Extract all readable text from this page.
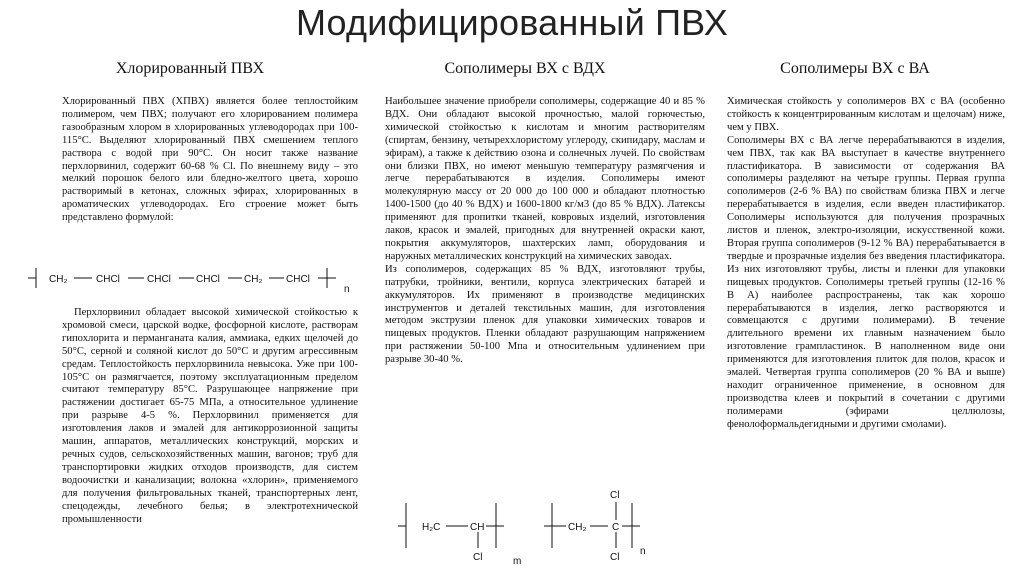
Модифицированный ПВХ
Хлорированный ПВХ

Хлорированный ПВХ (ХПВХ) является более теплостойким полимером, чем ПВХ; получают его хлорированием полимера газообразным хлором в хлорированных углеводородах при 100-115°С. Выделяют хлорированный ПВХ смешением теплого раствора с водой при 90°С. Он носит также название перхлорвинил, содержит 60-68 % Cl. По внешнему виду – это мелкий порошок белого или бледно-желтого цвета, хорошо растворимый в кетонах, сложных эфирах, хлорированных в ароматических углеводородах. Его строение может быть представлено формулой:

CH₂	CHCl	CHCl	CHCl CH₂ CHCl
n

Перхлорвинил обладает высокой химической стойкостью к хромовой смеси, царской водке, фосфорной кислоте, растворам гипохлорита и перманганата калия, аммиака, едких щелочей до 50°С, серной и соляной кислот до 50°С и другим агрессивным средам. Теплостойкость перхлорвинила невысока. Уже при 100-105°С он размягчается, поэтому эксплуатационным пределом считают температуру 85°С. Разрушающее напряжение при растяжении достигает 65-75 МПа, а относительное удлинение при разрыве 4-5 %. Перхлорвинил применяется для изготовления лаков и эмалей для антикоррозионной защиты машин, аппаратов, металлических конструкций, морских и речных судов, сельскохозяйственных машин, вагонов; труб для транспортировки жидких отходов производств, для систем водоочистки и канализации; волокна «хлорин», применяемого для получения фильтровальных тканей, транспортерных лент, спецодежды, лечебного белья; в электротехнической промышленности

Сополимеры ВХ с ВДХ

Наибольшее значение приобрели сополимеры, содержащие 40 и 85 % ВДХ. Они обладают высокой прочностью, малой горючестью, химической стойкостью к кислотам и многим растворителям (спиртам, бензину, четыреххлористому углероду, скипидару, маслам и эфирам), а также к действию озона и солнечных лучей. По свойствам они близки ПВХ, но имеют меньшую температуру размягчения и легче перерабатываются в изделия. Сополимеры имеют молекулярную массу от 20 000 до 100 000 и обладают плотностью 1400-1500 (до 40 % ВДХ) и 1600-1800 кг/м3 (до 85 % ВДХ). Латексы применяют для пропитки тканей, ковровых изделий, изготовления лаков, красок и эмалей, пригодных для внутренней окраски кают, покрытия аккумуляторов, шахтерских ламп, оборудования и наружных металлических конструкций на химических заводах.

Из сополимеров, содержащих 85 % ВДХ, изготовляют трубы, патрубки, тройники, вентили, корпуса электрических батарей и аккумуляторов. Их применяют в производстве медицинских инструментов и деталей текстильных машин, для изготовления методом экструзии пленок для упаковки химических товаров и пищевых продуктов. Пленки обладают разрушающим напряжением при растяжении 50-100 Мпа и относительным удлинением при разрыве 30-40 %.

H₂C	CH
Cl	m
CH₂	C
Cl
Cl
n
Сополимеры ВХ с ВА

Химическая стойкость у сополимеров ВХ с ВА (особенно стойкость к концентрированным кислотам и щелочам) ниже, чем у ПВХ.

Сополимеры ВХ с ВА легче перерабатываются в изделия, чем ПВХ, так как ВА выступает в качестве внутреннего пластификатора. В зависимости от содержания ВА сополимеры разделяют на четыре группы. Первая группа сополимеров (2-6 % ВА) по свойствам близка ПВХ и легче перерабатывается в изделия, если введен пластификатор. Сополимеры используются для получения прозрачных листов и пленок, электро-изоляции, искусственной кожи. Вторая группа сополимеров (9-12 % ВА) перерабатывается в твердые и прозрачные изделия без введения пластификатора. Из них изготовляют трубы, листы и пленки для упаковки пищевых продуктов. Сополимеры третьей группы (12-16 % В А) наиболее распространены, так как хорошо перерабатываются в изделия, легко растворяются и совмещаются с другими полимерами). В течение длительного времени их главным назначением было изготовление грампластинок. В наполненном виде они применяются для изготовления плиток для полов, красок и эмалей. Четвертая группа сополимеров (20 % ВА и выше) находит ограниченное применение, в основном для производства клеев и покрытий в сочетании с другими полимерами (эфирами целлюлозы, фенолоформальдегидными и другими смолами).
